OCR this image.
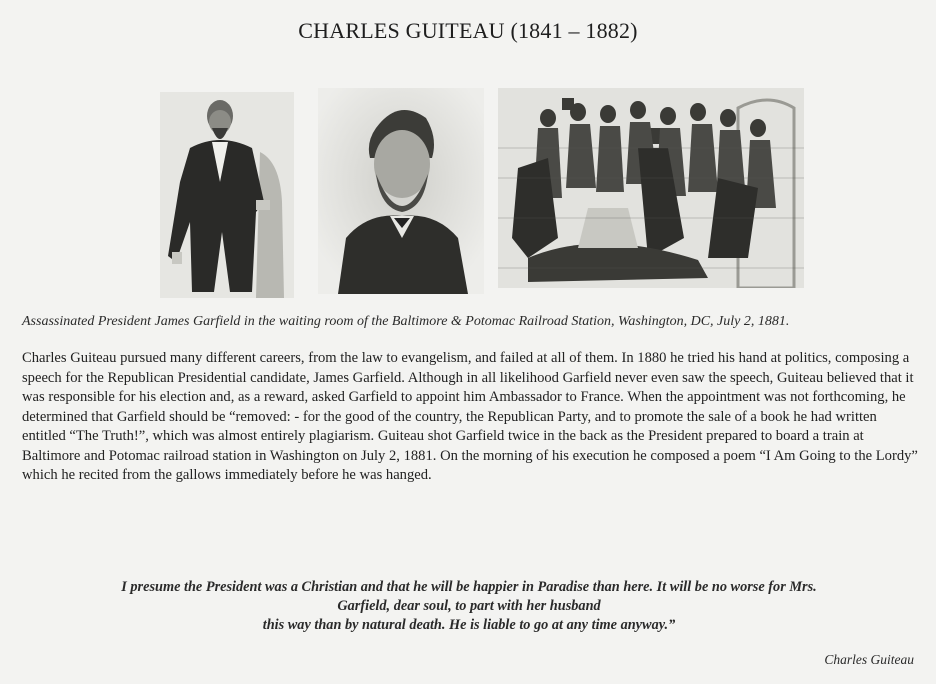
CHARLES GUITEAU (1841 – 1882)
Assassinated President James Garfield in the waiting room of the Baltimore & Potomac Railroad Station, Washington, DC, July 2, 1881.
Charles Guiteau pursued many different careers, from the law to evangelism, and failed at all of them. In 1880 he tried his hand at politics, composing a speech for the Republican Presidential candidate, James Garfield. Although in all likelihood Garfield never even saw the speech, Guiteau believed that it was responsible for his election and, as a reward, asked Garfield to appoint him Ambassador to France. When the appointment was not forthcoming, he determined that Garfield should be “removed: - for the good of the country, the Republican Party, and to promote the sale of a book he had written entitled “The Truth!”, which was almost entirely plagiarism. Guiteau shot Garfield twice in the back as the President prepared to board a train at Baltimore and Potomac railroad station in Washington on July 2, 1881. On the morning of his execution he composed a poem “I Am Going to the Lordy” which he recited from the gallows immediately before he was hanged.
I presume the President was a Christian and that he will be happier in Paradise than here. It will be no worse for Mrs.
Garfield, dear soul, to part with her husband
this way than by natural death. He is liable to go at any time anyway.”
Charles Guiteau
